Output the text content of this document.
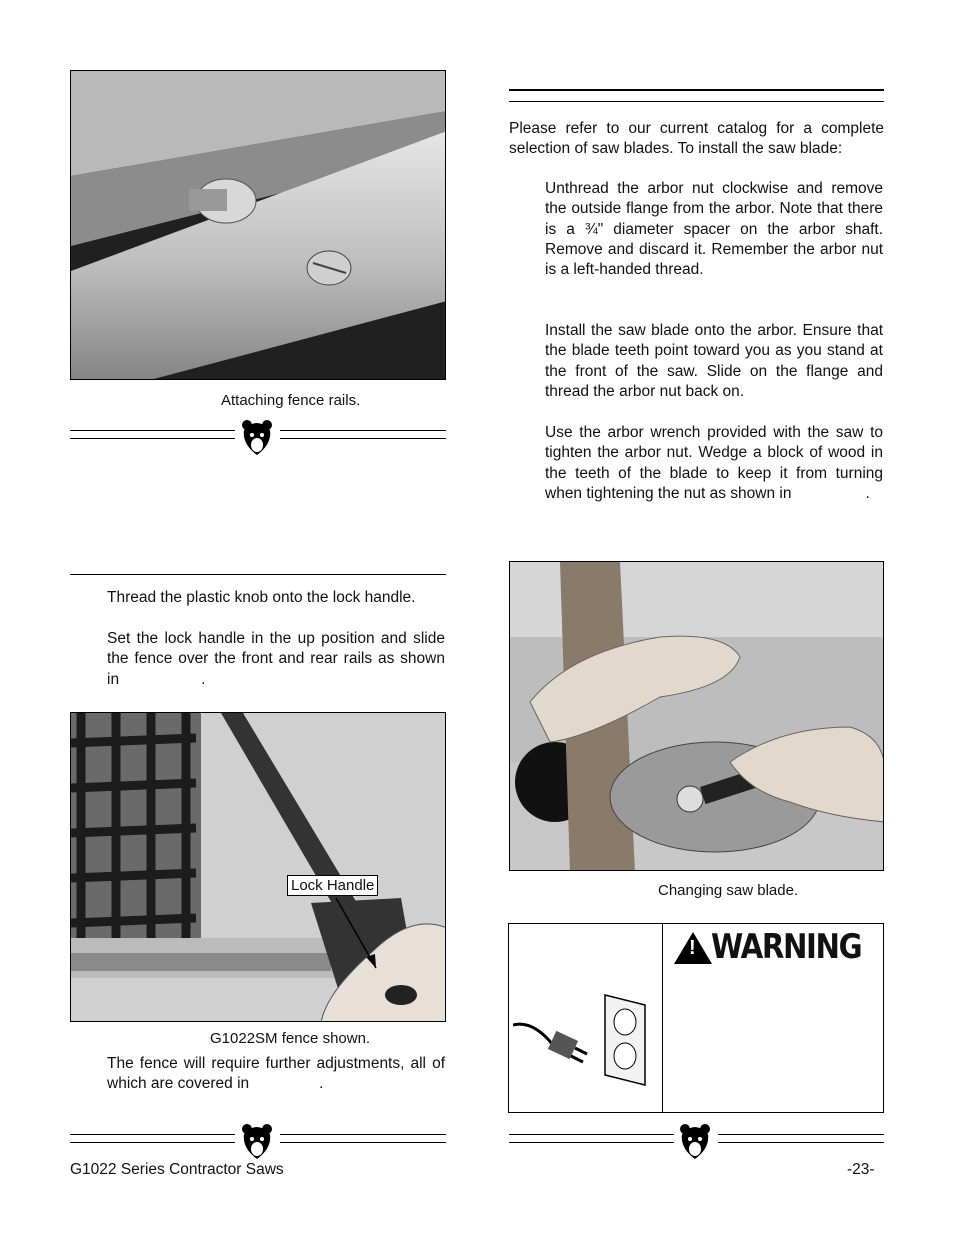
Attaching fence rails.

Thread the plastic knob onto the lock handle.

Set the lock handle in the up position and slide the fence over the front and rear rails as shown in	.

Lock Handle
G1022SM fence shown.

The fence will require further adjustments, all of which are covered in	.

Please refer to our current catalog for a complete selection of saw blades. To install the saw blade:

Unthread the arbor nut clockwise and remove the outside flange from the arbor. Note that there is a ¾" diameter spacer on the arbor shaft. Remove and discard it. Remember the arbor nut is a left-handed thread.

Install the saw blade onto the arbor. Ensure that the blade teeth point toward you as you stand at the front of the saw. Slide on the flange and thread the arbor nut back on.

Use the arbor wrench provided with the saw to tighten the arbor nut. Wedge a block of wood in the teeth of the blade to keep it from turning when tightening the nut as shown in	.

Changing saw blade.
! WARNING
G1022 Series Contractor Saws	-23-
